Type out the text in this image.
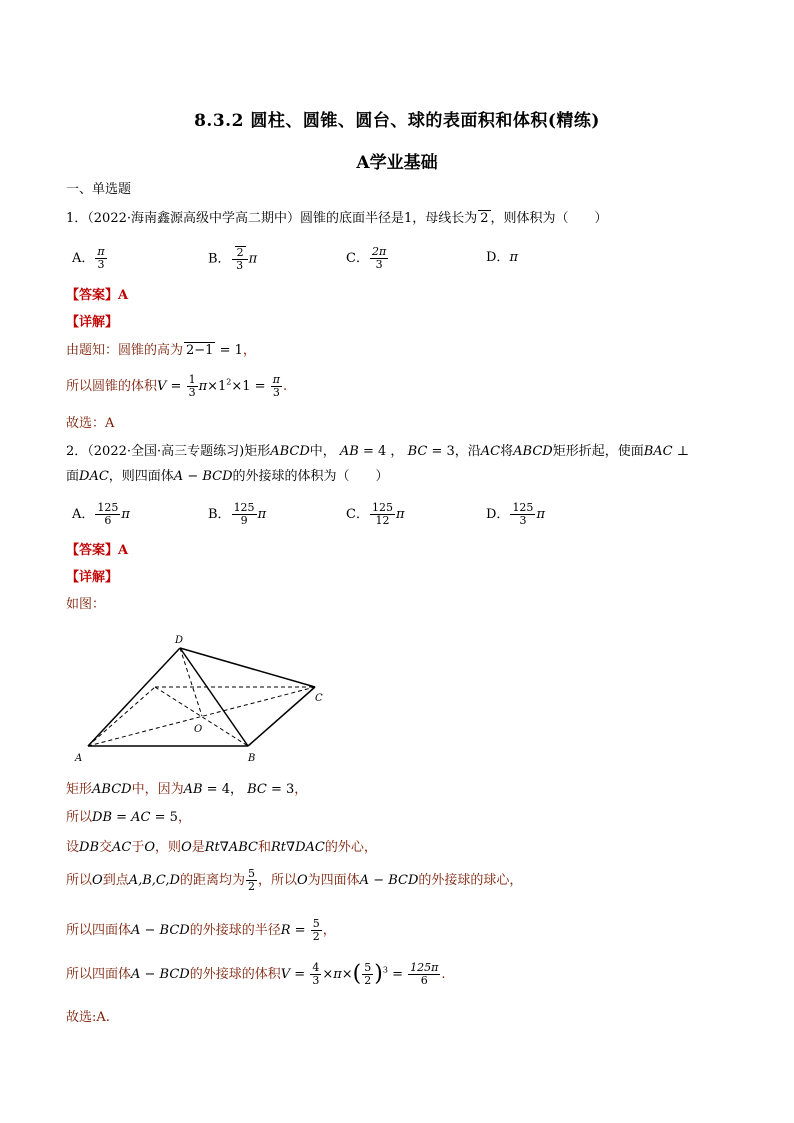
8.3.2 圆柱、圆锥、圆台、球的表面积和体积(精练)
A学业基础
一、单选题
1．（2022·海南鑫源高级中学高二期中）圆锥的底面半径是1，母线长为 2 ，则体积为（　　）
A． $\frac{\pi}{3}$	B． $\frac{2}{3}$ π	C． $\frac{2\pi}{3}$	D．π
【答案】A
【详解】
由题知：圆锥的高为 2−1 = 1，
所以圆锥的体积$V = \frac{1}{3} \pi\times 1^2\times 1 = \frac{\pi}{3}$ .
故选：A
2．（2022·全国·高三专题练习)矩形ABCD中， AB = 4 ， BC = 3，沿AC将ABCD矩形折起，使面BAC ⊥
面DAC，则四面体A − BCD的外接球的体积为（　　）
A． $\frac{125}{6}$ π	B． $\frac{125}{9}$ π	C． $\frac{125}{12}$ π	D． $\frac{125}{3}$ π
【答案】A
【详解】
如图：
D
A	B
C
O
矩形ABCD中，因为AB = 4， BC = 3，
所以DB = AC = 5，
设DB交AC于O，则O是Rt∇ABC和Rt∇DAC的外心，
所以O到点A,B,C,D的距离均为 $\frac{5}{2}$ ，所以O为四面体A − BCD的外接球的球心，
所以四面体A − BCD的外接球的半径$R = \frac{5}{2}$ ，
所以四面体A − BCD的外接球的体积$V = \frac{4}{3} \times\pi\times( \frac{5}{2} )^3 = \frac{125\pi}{6}$ .
故选:A.
